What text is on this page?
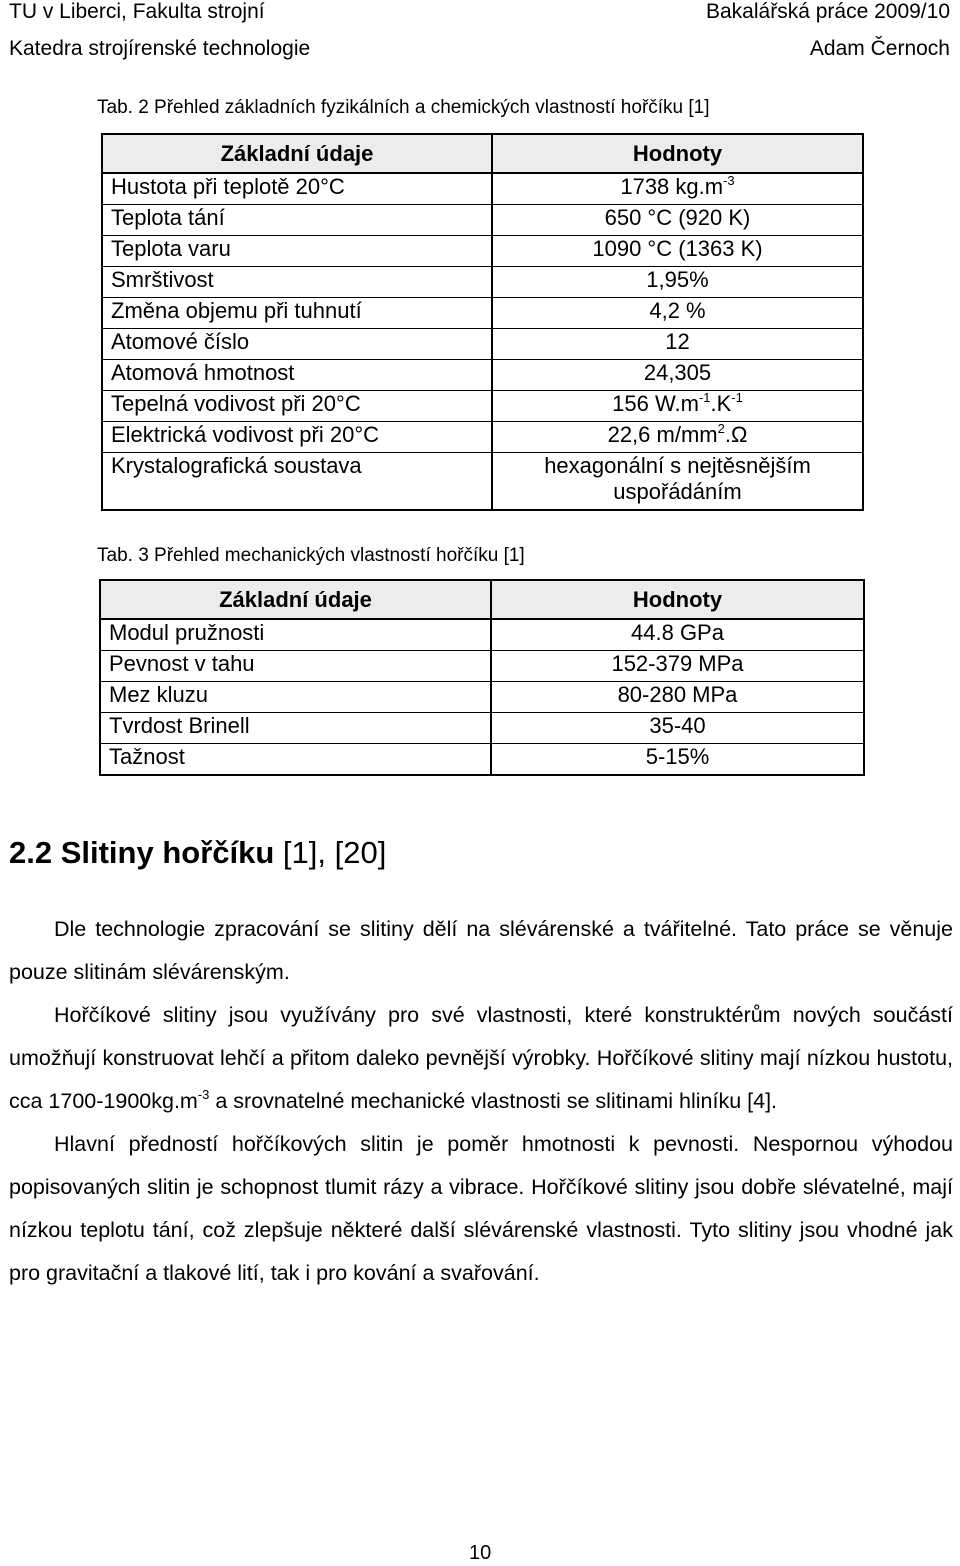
TU v Liberci, Fakulta strojní
Katedra strojírenské technologie
Bakalářská práce 2009/10
Adam Černoch
Tab. 2 Přehled základních fyzikálních a chemických vlastností hořčíku [1]
Základní údaje	Hodnoty
Hustota při teplotě 20°C	1738 $kg.m^{-3}$
Teplota tání	650 °C (920 K)
Teplota varu	1090 °C (1363 K)
Smrštivost	1,95%
Změna objemu při tuhnutí	4,2 %
Atomové číslo	12
Atomová hmotnost	24,305
Tepelná vodivost při 20°C	156 $W.m^{-1}.K^{-1}$
Elektrická vodivost při 20°C	22,6 $m/mm^2.\Omega$
Krystalografická soustava	hexagonální s nejtěsnějším uspořádáním
Tab. 3 Přehled mechanických vlastností hořčíku [1]
Základní údaje	Hodnoty
Modul pružnosti	44.8 GPa
Pevnost v tahu	152-379 MPa
Mez kluzu	80-280 MPa
Tvrdost Brinell	35-40
Tažnost	5-15%
2.2 Slitiny hořčíku [1], [20]

Dle technologie zpracování se slitiny dělí na slévárenské a tvářitelné. Tato práce se věnuje pouze slitinám slévárenským.

Hořčíkové slitiny jsou využívány pro své vlastnosti, které konstruktérům nových součástí umožňují konstruovat lehčí a přitom daleko pevnější výrobky. Hořčíkové slitiny mají nízkou hustotu, cca $1700-1900kg.m^{-3}$ a srovnatelné mechanické vlastnosti se slitinami hliníku [4].

Hlavní předností hořčíkových slitin je poměr hmotnosti k pevnosti. Nespornou výhodou popisovaných slitin je schopnost tlumit rázy a vibrace. Hořčíkové slitiny jsou dobře slévatelné, mají nízkou teplotu tání, což zlepšuje některé další slévárenské vlastnosti. Tyto slitiny jsou vhodné jak pro gravitační a tlakové lití, tak i pro kování a svařování.

10
